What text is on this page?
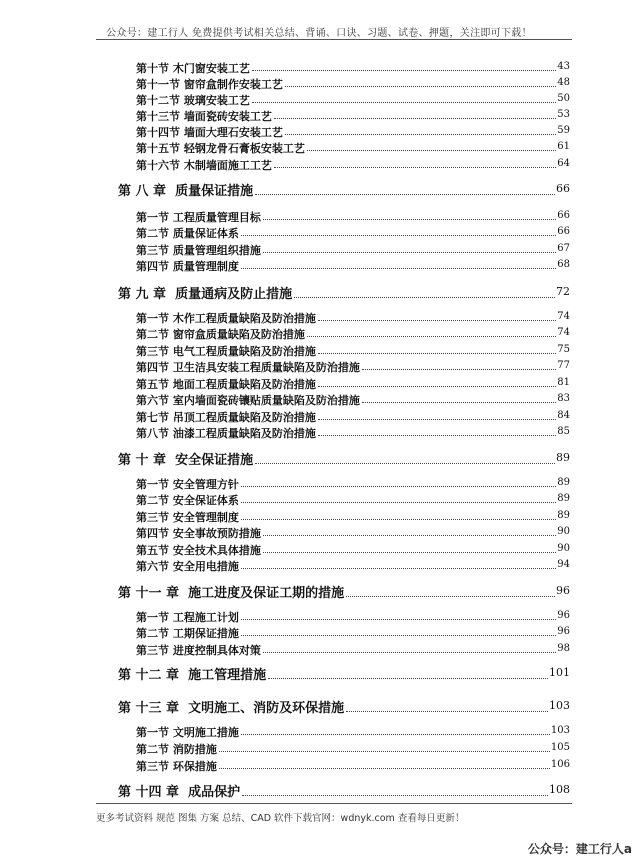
公众号：建工行人 免费提供考试相关总结、背诵、口诀、习题、试卷、押题，关注即可下载！
第十节 木门窗安装工艺	43
第十一节 窗帘盒制作安装工艺	48
第十二节 玻璃安装工艺	50
第十三节 墙面瓷砖安装工艺	53
第十四节 墙面大理石安装工艺	59
第十五节 轻钢龙骨石膏板安装工艺	61
第十六节 木制墙面施工工艺	64
第 八 章 质量保证措施	66
第一节 工程质量管理目标	66
第二节 质量保证体系	66
第三节 质量管理组织措施	67
第四节 质量管理制度	68
第 九 章 质量通病及防止措施	72
第一节 木作工程质量缺陷及防治措施	74
第二节 窗帘盒质量缺陷及防治措施	74
第三节 电气工程质量缺陷及防治措施	75
第四节 卫生洁具安装工程质量缺陷及防治措施	77
第五节 地面工程质量缺陷及防治措施	81
第六节 室内墙面瓷砖镶贴质量缺陷及防治措施	83
第七节 吊顶工程质量缺陷及防治措施	84
第八节 油漆工程质量缺陷及防治措施	85
第 十 章 安全保证措施	89
第一节 安全管理方针	89
第二节 安全保证体系	89
第三节 安全管理制度	89
第四节 安全事故预防措施	90
第五节 安全技术具体措施	90
第六节 安全用电措施	94
第 十一 章 施工进度及保证工期的措施	96
第一节 工程施工计划	96
第二节 工期保证措施	96
第三节 进度控制具体对策	98
第 十二 章 施工管理措施	101
第 十三 章 文明施工、消防及环保措施	103
第一节 文明施工措施	103
第二节 消防措施	105
第三节 环保措施	106
第 十四 章 成品保护	108
更多考试资料 规范 图集 方案 总结、CAD 软件下载官网：wdnyk.com 查看每日更新！
公众号：建工行人a
